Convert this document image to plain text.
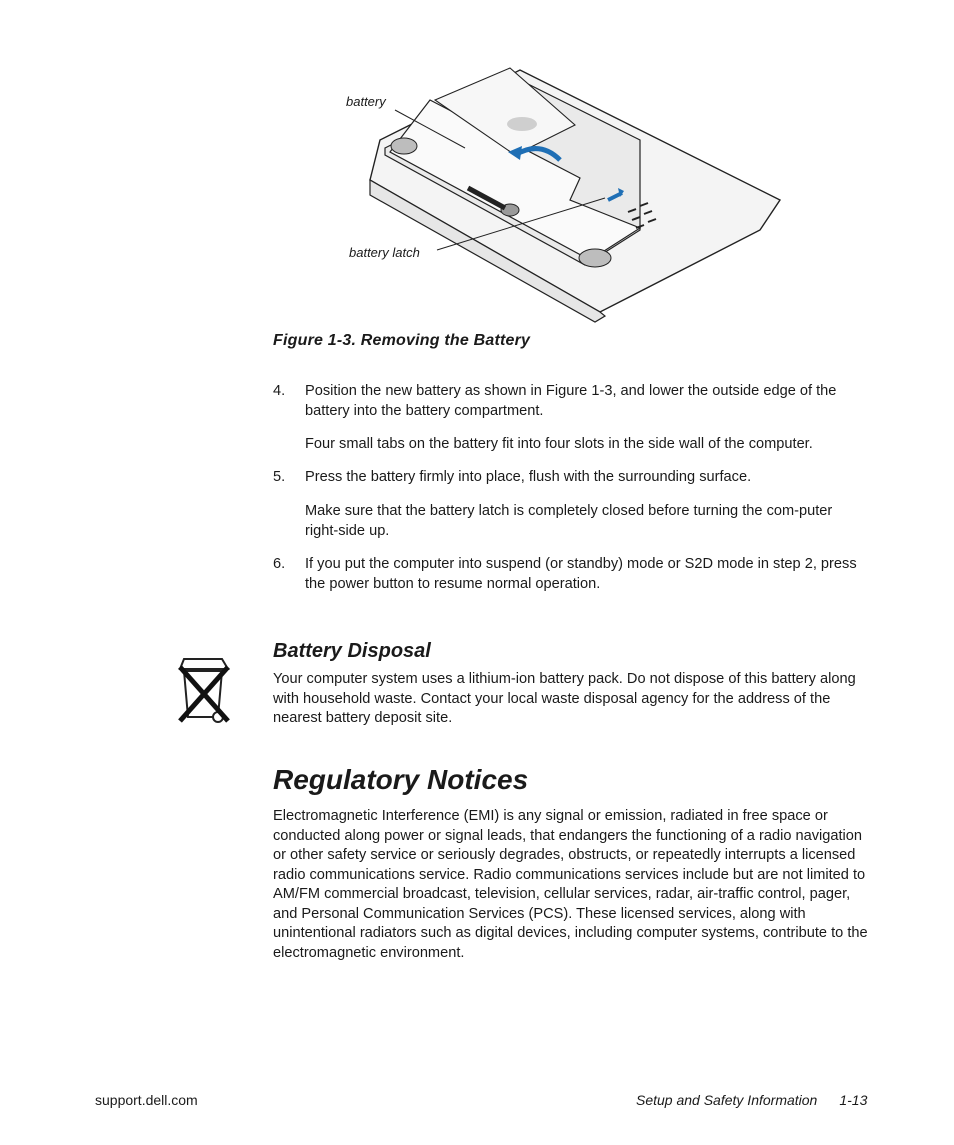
battery
battery latch
Figure 1-3. Removing the Battery
4. Position the new battery as shown in Figure 1-3, and lower the outside edge of the battery into the battery compartment.
Four small tabs on the battery fit into four slots in the side wall of the computer.
5. Press the battery firmly into place, flush with the surrounding surface.
Make sure that the battery latch is completely closed before turning the com-puter right-side up.
6. If you put the computer into suspend (or standby) mode or S2D mode in step 2, press the power button to resume normal operation.
Battery Disposal
Your computer system uses a lithium-ion battery pack. Do not dispose of this battery along with household waste. Contact your local waste disposal agency for the address of the nearest battery deposit site.
Regulatory Notices
Electromagnetic Interference (EMI) is any signal or emission, radiated in free space or conducted along power or signal leads, that endangers the functioning of a radio navigation or other safety service or seriously degrades, obstructs, or repeatedly interrupts a licensed radio communications service. Radio communications services include but are not limited to AM/FM commercial broadcast, television, cellular services, radar, air-traffic control, pager, and Personal Communication Services (PCS). These licensed services, along with unintentional radiators such as digital devices, including computer systems, contribute to the electromagnetic environment.
support.dell.com	Setup and Safety Information 1-13
